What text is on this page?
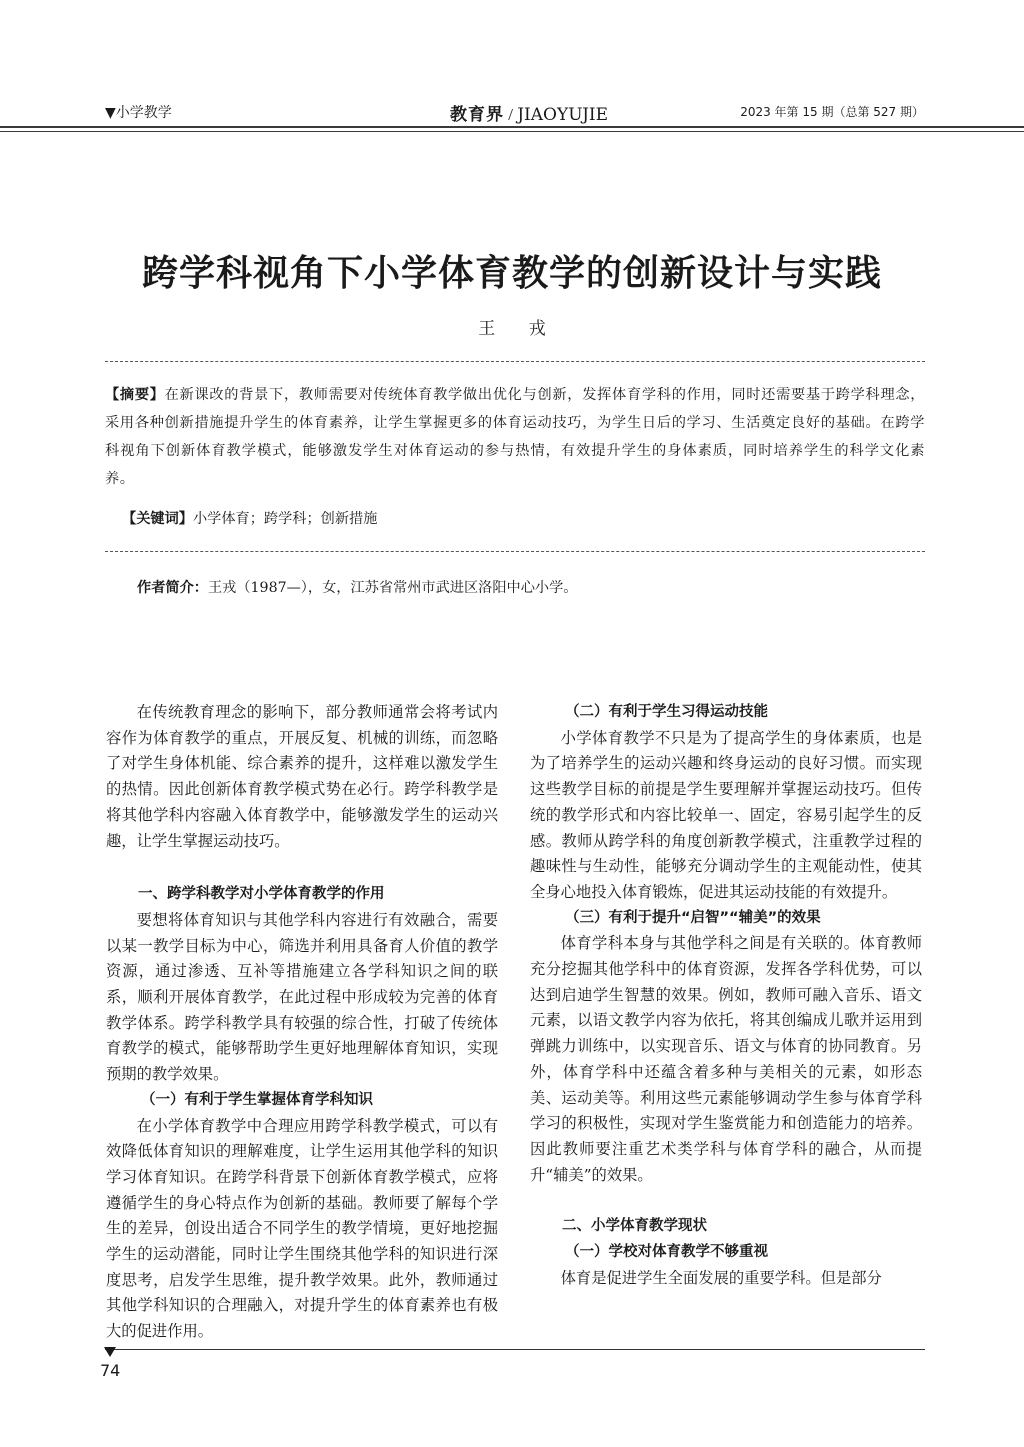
▼小学教学	教育界 / JIAOYUJIE	2023 年第 15 期（总第 527 期）
跨学科视角下小学体育教学的创新设计与实践
王 戎
【摘要】在新课改的背景下，教师需要对传统体育教学做出优化与创新，发挥体育学科的作用，同时还需要基于跨学科理念，采用各种创新措施提升学生的体育素养，让学生掌握更多的体育运动技巧，为学生日后的学习、生活奠定良好的基础。在跨学科视角下创新体育教学模式，能够激发学生对体育运动的参与热情，有效提升学生的身体素质，同时培养学生的科学文化素养。
【关键词】小学体育；跨学科；创新措施
作者简介：王戎（1987—），女，江苏省常州市武进区洛阳中心小学。

在传统教育理念的影响下，部分教师通常会将考试内容作为体育教学的重点，开展反复、机械的训练，而忽略了对学生身体机能、综合素养的提升，这样难以激发学生的热情。因此创新体育教学模式势在必行。跨学科教学是将其他学科内容融入体育教学中，能够激发学生的运动兴趣，让学生掌握运动技巧。

一、跨学科教学对小学体育教学的作用

要想将体育知识与其他学科内容进行有效融合，需要以某一教学目标为中心，筛选并利用具备育人价值的教学资源，通过渗透、互补等措施建立各学科知识之间的联系，顺利开展体育教学，在此过程中形成较为完善的体育教学体系。跨学科教学具有较强的综合性，打破了传统体育教学的模式，能够帮助学生更好地理解体育知识，实现预期的教学效果。

（一）有利于学生掌握体育学科知识

在小学体育教学中合理应用跨学科教学模式，可以有效降低体育知识的理解难度，让学生运用其他学科的知识学习体育知识。在跨学科背景下创新体育教学模式，应将遵循学生的身心特点作为创新的基础。教师要了解每个学生的差异，创设出适合不同学生的教学情境，更好地挖掘学生的运动潜能，同时让学生围绕其他学科的知识进行深度思考，启发学生思维，提升教学效果。此外，教师通过其他学科知识的合理融入，对提升学生的体育素养也有极大的促进作用。

（二）有利于学生习得运动技能

小学体育教学不只是为了提高学生的身体素质，也是为了培养学生的运动兴趣和终身运动的良好习惯。而实现这些教学目标的前提是学生要理解并掌握运动技巧。但传统的教学形式和内容比较单一、固定，容易引起学生的反感。教师从跨学科的角度创新教学模式，注重教学过程的趣味性与生动性，能够充分调动学生的主观能动性，使其全身心地投入体育锻炼，促进其运动技能的有效提升。

（三）有利于提升“启智”“辅美”的效果

体育学科本身与其他学科之间是有关联的。体育教师充分挖掘其他学科中的体育资源，发挥各学科优势，可以达到启迪学生智慧的效果。例如，教师可融入音乐、语文元素，以语文教学内容为依托，将其创编成儿歌并运用到弹跳力训练中，以实现音乐、语文与体育的协同教育。另外，体育学科中还蕴含着多种与美相关的元素，如形态美、运动美等。利用这些元素能够调动学生参与体育学科学习的积极性，实现对学生鉴赏能力和创造能力的培养。因此教师要注重艺术类学科与体育学科的融合，从而提升“辅美”的效果。

二、小学体育教学现状
（一）学校对体育教学不够重视

体育是促进学生全面发展的重要学科。但是部分

74
